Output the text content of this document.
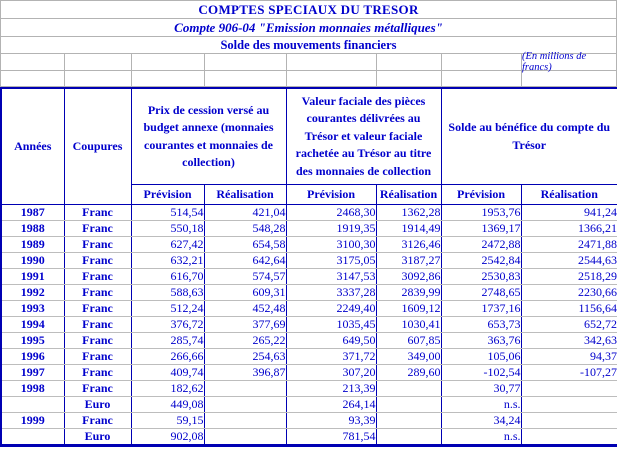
COMPTES SPECIAUX DU TRESOR
Compte 906-04 "Emission monnaies métalliques"
Solde des mouvements financiers
(En millions de francs)
Années	Coupures	Prix de cession versé au budget annexe (monnaies courantes et monnaies de collection)		Valeur faciale des pièces courantes délivrées au Trésor et valeur faciale rachetée au Trésor au titre des monnaies de collection		Solde au bénéfice du compte du Trésor	
		Prévision	Réalisation	Prévision	Réalisation	Prévision	Réalisation
1987	Franc	514,54	421,04	2468,30	1362,28	1953,76	941,24
1988	Franc	550,18	548,28	1919,35	1914,49	1369,17	1366,21
1989	Franc	627,42	654,58	3100,30	3126,46	2472,88	2471,88
1990	Franc	632,21	642,64	3175,05	3187,27	2542,84	2544,63
1991	Franc	616,70	574,57	3147,53	3092,86	2530,83	2518,29
1992	Franc	588,63	609,31	3337,28	2839,99	2748,65	2230,66
1993	Franc	512,24	452,48	2249,40	1609,12	1737,16	1156,64
1994	Franc	376,72	377,69	1035,45	1030,41	653,73	652,72
1995	Franc	285,74	265,22	649,50	607,85	363,76	342,63
1996	Franc	266,66	254,63	371,72	349,00	105,06	94,37
1997	Franc	409,74	396,87	307,20	289,60	-102,54	-107,27
1998	Franc	182,62		213,39		30,77	
	Euro	449,08		264,14		n.s.	
1999	Franc	59,15		93,39		34,24	
	Euro	902,08		781,54		n.s.	
